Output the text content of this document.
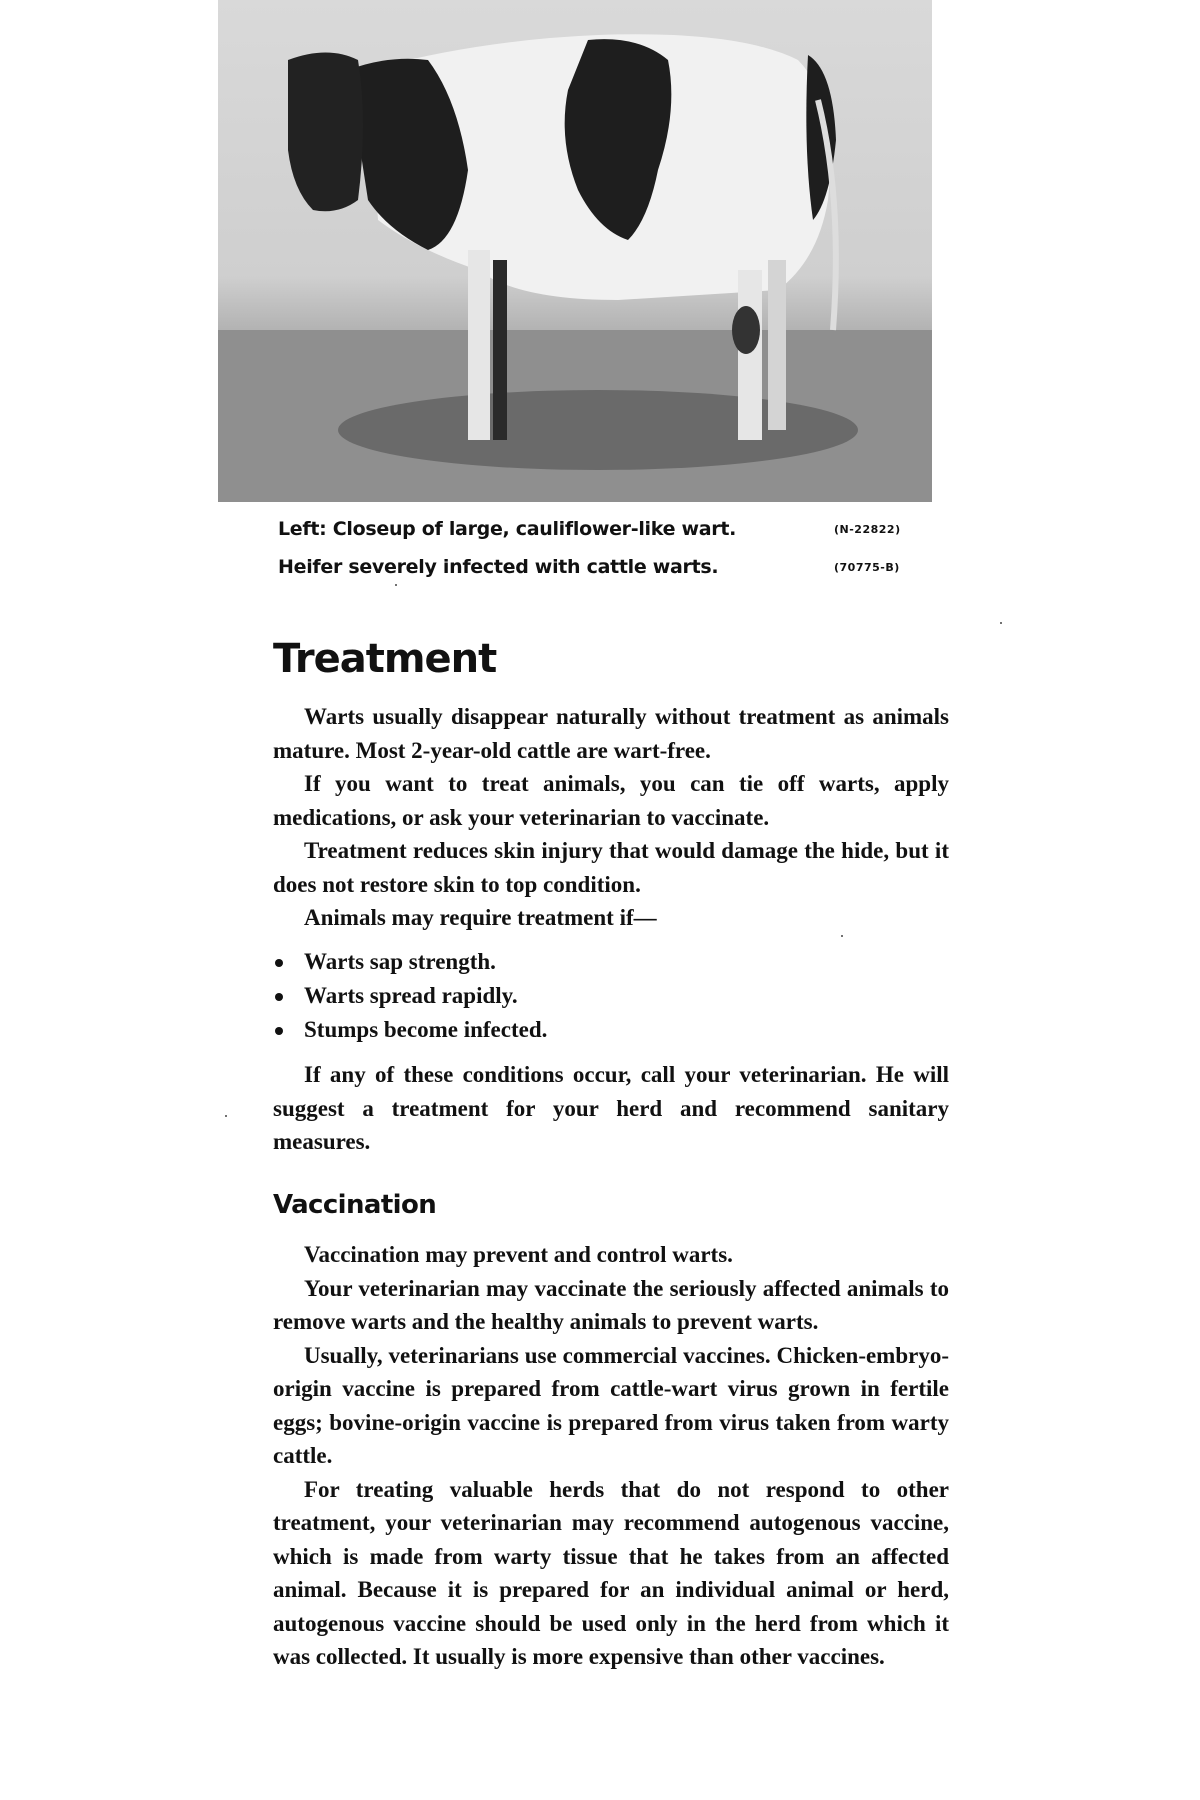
Left: Closeup of large, cauliflower-like wart.	(N-22822)
Heifer severely infected with cattle warts.	(70775-B)
Treatment

Warts usually disappear naturally without treatment as animals mature. Most 2-year-old cattle are wart-free.

If you want to treat animals, you can tie off warts, apply medications, or ask your veterinarian to vaccinate.

Treatment reduces skin injury that would damage the hide, but it does not restore skin to top condition.

Animals may require treatment if—

Warts sap strength.
Warts spread rapidly.
Stumps become infected.

If any of these conditions occur, call your veterinarian. He will suggest a treatment for your herd and recommend sanitary measures.

Vaccination

Vaccination may prevent and control warts.

Your veterinarian may vaccinate the seriously affected animals to remove warts and the healthy animals to prevent warts.

Usually, veterinarians use commercial vaccines. Chicken-embryo-origin vaccine is prepared from cattle-wart virus grown in fertile eggs; bovine-origin vaccine is prepared from virus taken from warty cattle.

For treating valuable herds that do not respond to other treatment, your veterinarian may recommend autogenous vaccine, which is made from warty tissue that he takes from an affected animal. Because it is prepared for an individual animal or herd, autogenous vaccine should be used only in the herd from which it was collected. It usually is more expensive than other vaccines.
